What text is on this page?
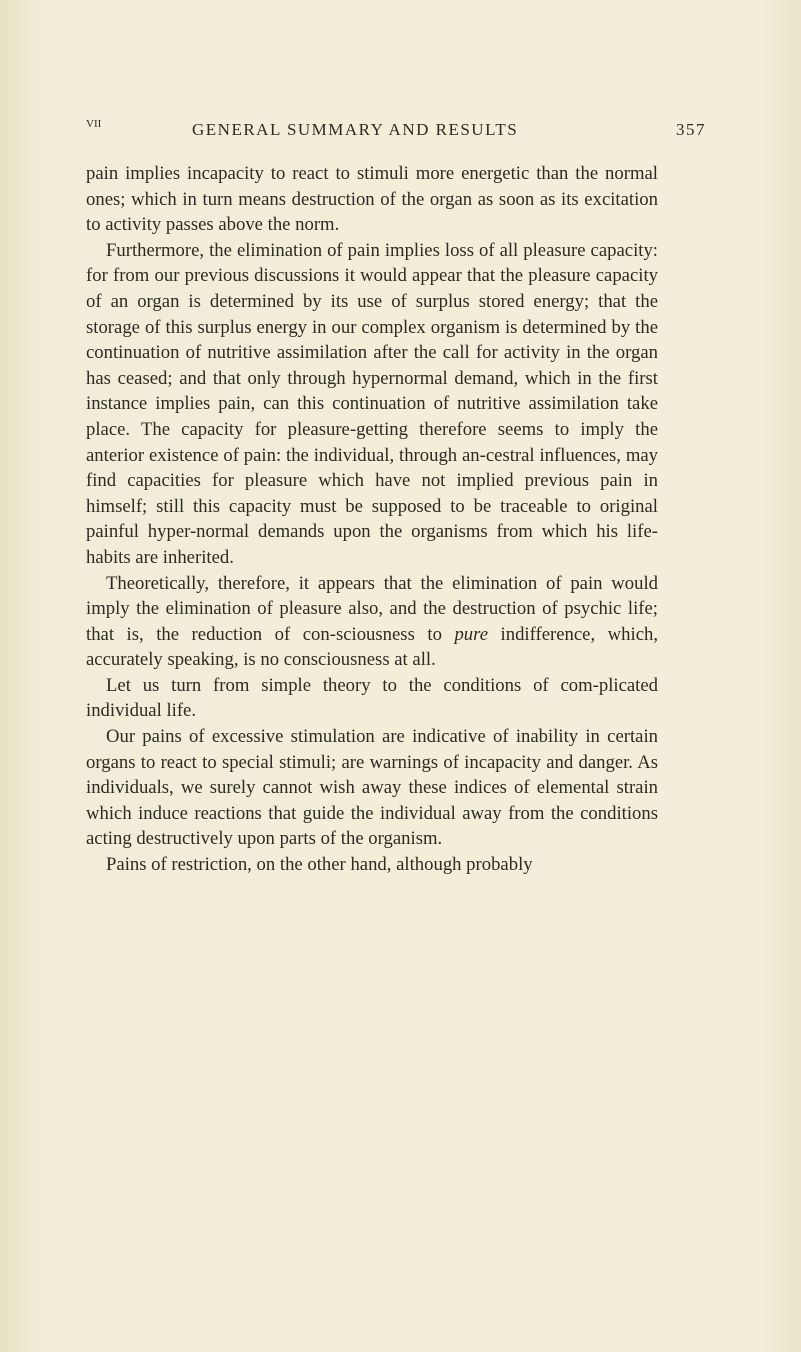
VII	GENERAL SUMMARY AND RESULTS	357

pain implies incapacity to react to stimuli more energetic than the normal ones; which in turn means destruction of the organ as soon as its excitation to activity passes above the norm.

Furthermore, the elimination of pain implies loss of all pleasure capacity: for from our previous discussions it would appear that the pleasure capacity of an organ is determined by its use of surplus stored energy; that the storage of this surplus energy in our complex organism is determined by the continuation of nutritive assimilation after the call for activity in the organ has ceased; and that only through hypernormal demand, which in the first instance implies pain, can this continuation of nutritive assimilation take place. The capacity for pleasure-getting therefore seems to imply the anterior existence of pain: the individual, through an-cestral influences, may find capacities for pleasure which have not implied previous pain in himself; still this capacity must be supposed to be traceable to original painful hyper-normal demands upon the organisms from which his life-habits are inherited.

Theoretically, therefore, it appears that the elimination of pain would imply the elimination of pleasure also, and the destruction of psychic life; that is, the reduction of con-sciousness to pure indifference, which, accurately speaking, is no consciousness at all.

Let us turn from simple theory to the conditions of com-plicated individual life.

Our pains of excessive stimulation are indicative of inability in certain organs to react to special stimuli; are warnings of incapacity and danger. As individuals, we surely cannot wish away these indices of elemental strain which induce reactions that guide the individual away from the conditions acting destructively upon parts of the organism.

Pains of restriction, on the other hand, although probably
